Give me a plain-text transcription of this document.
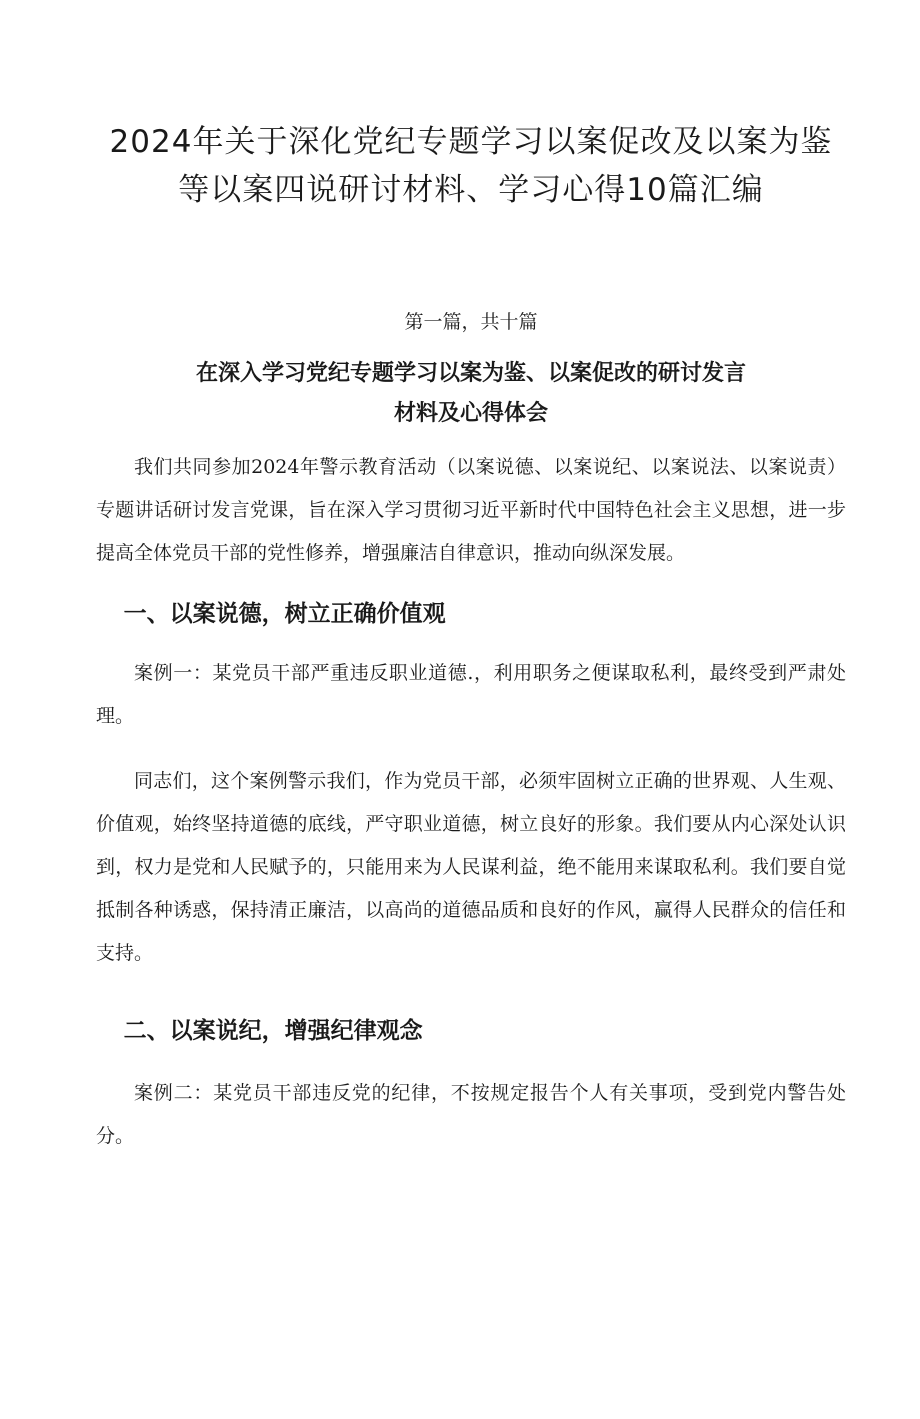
2024年关于深化党纪专题学习以案促改及以案为鉴
等以案四说研讨材料、学习心得10篇汇编

第一篇，共十篇

在深入学习党纪专题学习以案为鉴、以案促改的研讨发言
材料及心得体会

我们共同参加2024年警示教育活动（以案说德、以案说纪、以案说法、以案说责）专题讲话研讨发言党课，旨在深入学习贯彻习近平新时代中国特色社会主义思想，进一步提高全体党员干部的党性修养，增强廉洁自律意识，推动向纵深发展。

一、以案说德，树立正确价值观

案例一：某党员干部严重违反职业道德.，利用职务之便谋取私利，最终受到严肃处理。

同志们，这个案例警示我们，作为党员干部，必须牢固树立正确的世界观、人生观、价值观，始终坚持道德的底线，严守职业道德，树立良好的形象。我们要从内心深处认识到，权力是党和人民赋予的，只能用来为人民谋利益，绝不能用来谋取私利。我们要自觉抵制各种诱惑，保持清正廉洁，以高尚的道德品质和良好的作风，赢得人民群众的信任和支持。

二、以案说纪，增强纪律观念

案例二：某党员干部违反党的纪律，不按规定报告个人有关事项，受到党内警告处分。
